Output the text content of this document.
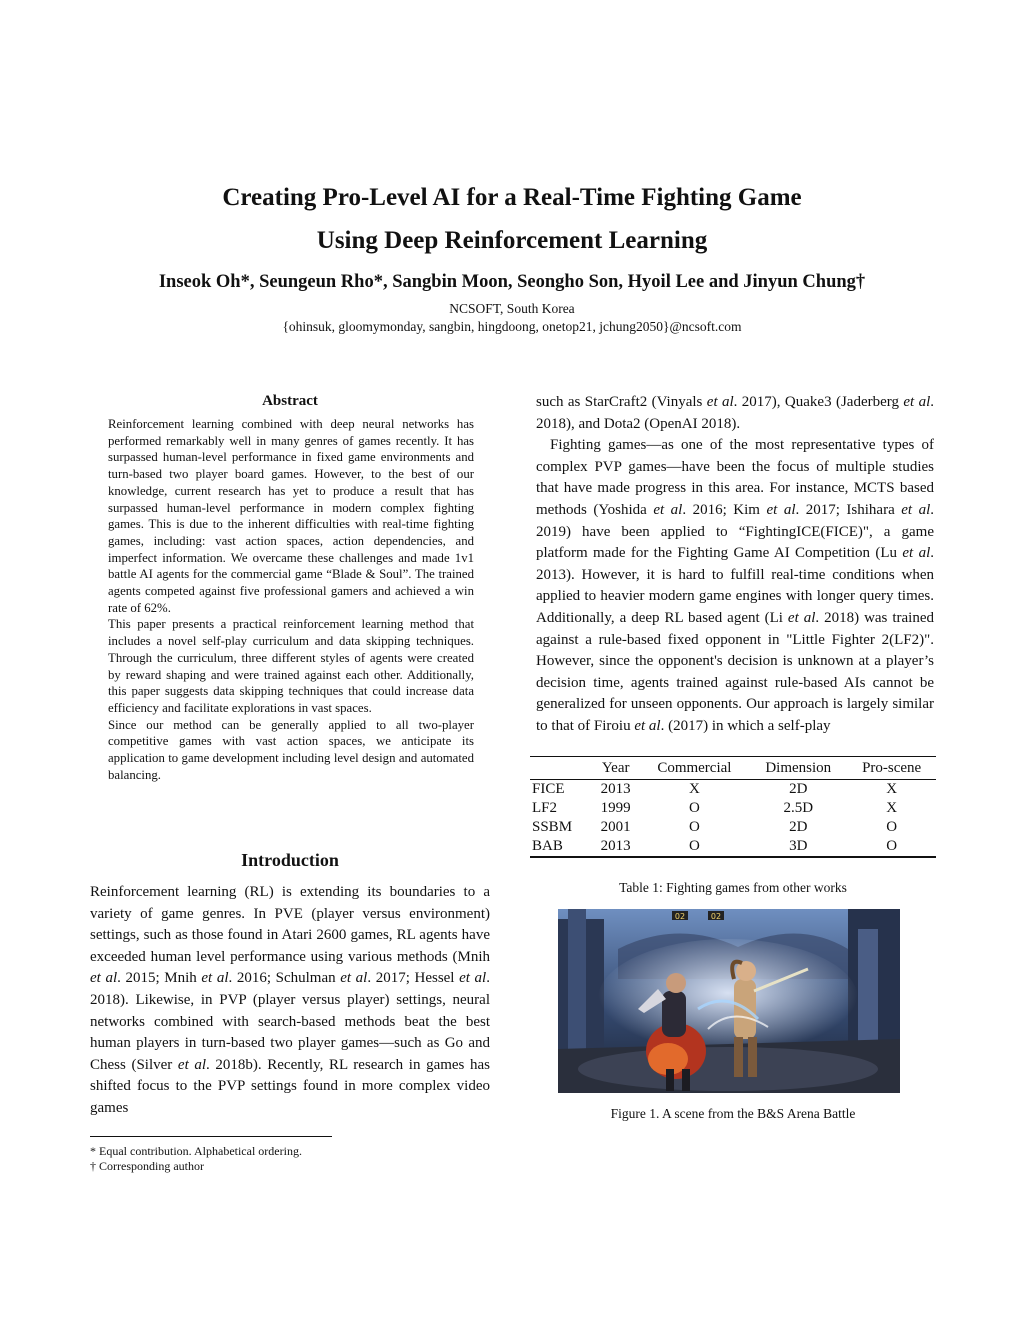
Creating Pro-Level AI for a Real-Time Fighting Game
Using Deep Reinforcement Learning
Inseok Oh*, Seungeun Rho*, Sangbin Moon, Seongho Son, Hyoil Lee and Jinyun Chung†
NCSOFT, South Korea
{ohinsuk, gloomymonday, sangbin, hingdoong, onetop21, jchung2050}@ncsoft.com
Abstract

Reinforcement learning combined with deep neural networks has performed remarkably well in many genres of games recently. It has surpassed human-level performance in fixed game environments and turn-based two player board games. However, to the best of our knowledge, current research has yet to produce a result that has surpassed human-level performance in modern complex fighting games. This is due to the inherent difficulties with real-time fighting games, including: vast action spaces, action dependencies, and imperfect information. We overcame these challenges and made 1v1 battle AI agents for the commercial game “Blade & Soul”. The trained agents competed against five professional gamers and achieved a win rate of 62%.

This paper presents a practical reinforcement learning method that includes a novel self-play curriculum and data skipping techniques. Through the curriculum, three different styles of agents were created by reward shaping and were trained against each other. Additionally, this paper suggests data skipping techniques that could increase data efficiency and facilitate explorations in vast spaces.

Since our method can be generally applied to all two-player competitive games with vast action spaces, we anticipate its application to game development including level design and automated balancing.

Introduction
Reinforcement learning (RL) is extending its boundaries to a variety of game genres. In PVE (player versus environment) settings, such as those found in Atari 2600 games, RL agents have exceeded human level performance using various methods (Mnih et al. 2015; Mnih et al. 2016; Schulman et al. 2017; Hessel et al. 2018). Likewise, in PVP (player versus player) settings, neural networks combined with search-based methods beat the best human players in turn-based two player games—such as Go and Chess (Silver et al. 2018b). Recently, RL research in games has shifted focus to the PVP settings found in more complex video games

such as StarCraft2 (Vinyals et al. 2017), Quake3 (Jaderberg et al. 2018), and Dota2 (OpenAI 2018).

Fighting games—as one of the most representative types of complex PVP games—have been the focus of multiple studies that have made progress in this area. For instance, MCTS based methods (Yoshida et al. 2016; Kim et al. 2017; Ishihara et al. 2019) have been applied to “FightingICE(FICE)", a game platform made for the Fighting Game AI Competition (Lu et al. 2013). However, it is hard to fulfill real-time conditions when applied to heavier modern game engines with longer query times. Additionally, a deep RL based agent (Li et al. 2018) was trained against a rule-based fixed opponent in "Little Fighter 2(LF2)". However, since the opponent's decision is unknown at a player’s decision time, agents trained against rule-based AIs cannot be generalized for unseen opponents. Our approach is largely similar to that of Firoiu et al. (2017) in which a self-play

	Year	Commercial	Dimension	Pro-scene
FICE	2013	X	2D	X
LF2	1999	O	2.5D	X
SSBM	2001	O	2D	O
BAB	2013	O	3D	O
Table 1: Fighting games from other works
02	02
Figure 1. A scene from the B&S Arena Battle
* Equal contribution. Alphabetical ordering.
† Corresponding author
